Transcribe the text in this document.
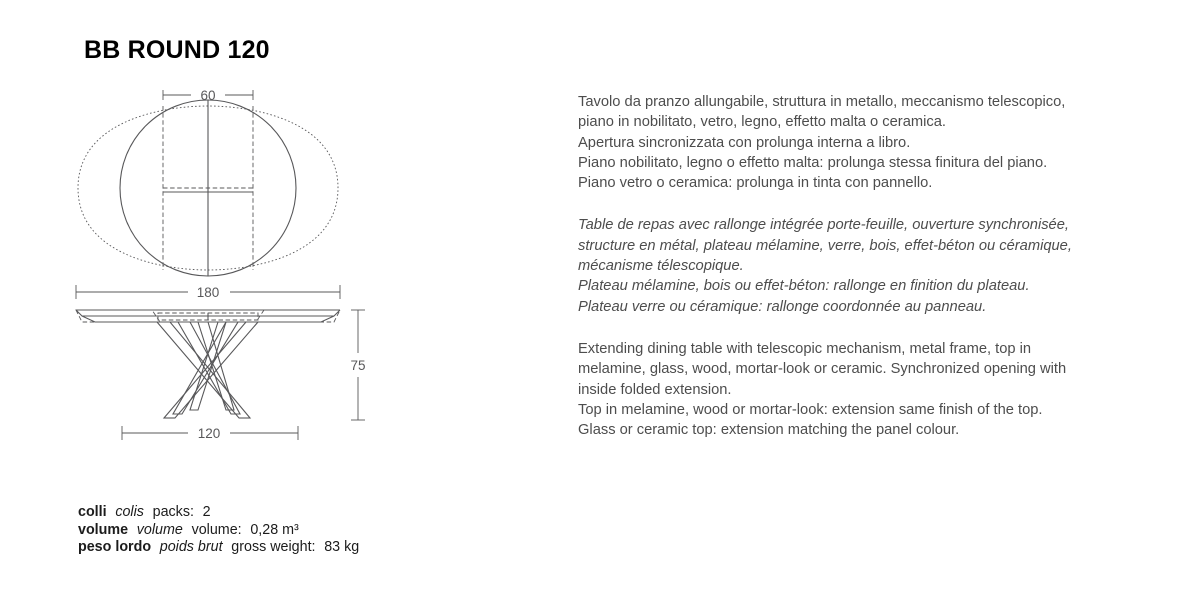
BB ROUND 120
60
180
120
75
Tavolo da pranzo allungabile, struttura in metallo, meccanismo telescopico,
piano in nobilitato, vetro, legno, effetto malta o ceramica.
Apertura sincronizzata con prolunga interna a libro.
Piano nobilitato, legno o effetto malta: prolunga stessa finitura del piano.
Piano vetro o ceramica: prolunga in tinta con pannello.
Table de repas avec rallonge intégrée porte-feuille, ouverture synchronisée,
structure en métal, plateau mélamine, verre, bois, effet-béton ou céramique,
mécanisme télescopique.
Plateau mélamine, bois ou effet-béton: rallonge en finition du plateau.
Plateau verre ou céramique: rallonge coordonnée au panneau.
Extending dining table with telescopic mechanism, metal frame, top in
melamine, glass, wood, mortar-look or ceramic. Synchronized opening with
inside folded extension.
Top in melamine, wood or mortar-look: extension same finish of the top.
Glass or ceramic top: extension matching the panel colour.
colli colis packs: 2
volume volume volume: 0,28 m³
peso lordo poids brut gross weight: 83 kg
